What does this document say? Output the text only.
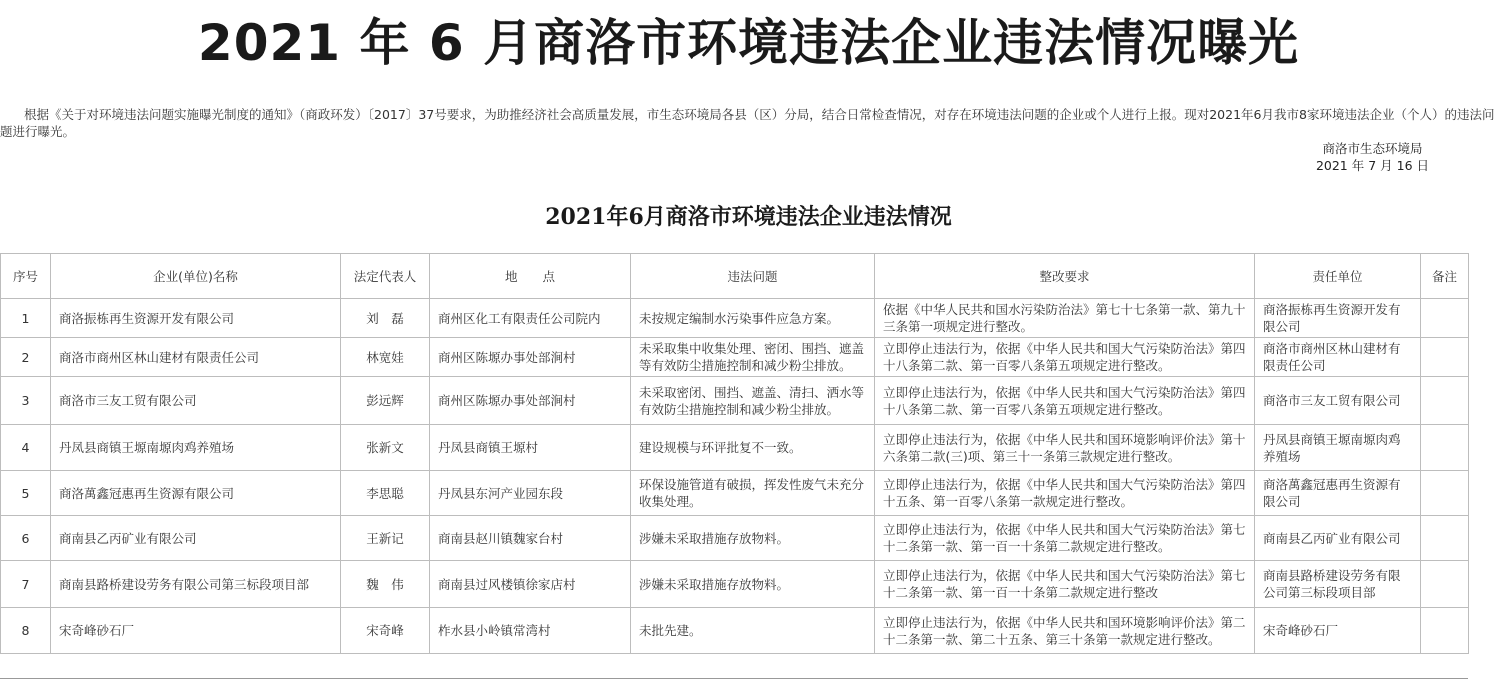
2021 年 6 月商洛市环境违法企业违法情况曝光
根据《关于对环境违法问题实施曝光制度的通知》（商政环发）〔2017〕37号要求，为助推经济社会高质量发展，市生态环境局各县（区）分局，结合日常检查情况，对存在环境违法问题的企业或个人进行上报。现对2021年6月我市8家环境违法企业（个人）的违法问题进行曝光。
商洛市生态环境局
2021 年 7 月 16 日
2021年6月商洛市环境违法企业违法情况
序号	企业(单位)名称	法定代表人	地　　点	违法问题	整改要求	责任单位	备注
1	商洛振栋再生资源开发有限公司	刘　磊	商州区化工有限责任公司院内	未按规定编制水污染事件应急方案。	依据《中华人民共和国水污染防治法》第七十七条第一款、第九十三条第一项规定进行整改。	商洛振栋再生资源开发有限公司	
2	商洛市商州区林山建材有限责任公司	林宽娃	商州区陈塬办事处部涧村	未采取集中收集处理、密闭、围挡、遮盖等有效防尘措施控制和减少粉尘排放。	立即停止违法行为，依据《中华人民共和国大气污染防治法》第四十八条第二款、第一百零八条第五项规定进行整改。	商洛市商州区林山建材有限责任公司	
3	商洛市三友工贸有限公司	彭远辉	商州区陈塬办事处部涧村	未采取密闭、围挡、遮盖、清扫、洒水等有效防尘措施控制和减少粉尘排放。	立即停止违法行为，依据《中华人民共和国大气污染防治法》第四十八条第二款、第一百零八条第五项规定进行整改。	商洛市三友工贸有限公司	
4	丹凤县商镇王塬南塬肉鸡养殖场	张新文	丹凤县商镇王塬村	建设规模与环评批复不一致。	立即停止违法行为，依据《中华人民共和国环境影响评价法》第十六条第二款(三)项、第三十一条第三款规定进行整改。	丹凤县商镇王塬南塬肉鸡养殖场	
5	商洛萬鑫冠惠再生资源有限公司	李思聪	丹凤县东河产业园东段	环保设施管道有破损，挥发性废气未充分收集处理。	立即停止违法行为，依据《中华人民共和国大气污染防治法》第四十五条、第一百零八条第一款规定进行整改。	商洛萬鑫冠惠再生资源有限公司	
6	商南县乙丙矿业有限公司	王新记	商南县赵川镇魏家台村	涉嫌未采取措施存放物料。	立即停止违法行为，依据《中华人民共和国大气污染防治法》第七十二条第一款、第一百一十条第二款规定进行整改。	商南县乙丙矿业有限公司	
7	商南县路桥建设劳务有限公司第三标段项目部	魏　伟	商南县过风楼镇徐家店村	涉嫌未采取措施存放物料。	立即停止违法行为，依据《中华人民共和国大气污染防治法》第七十二条第一款、第一百一十条第二款规定进行整改	商南县路桥建设劳务有限公司第三标段项目部	
8	宋奇峰砂石厂	宋奇峰	柞水县小岭镇常湾村	未批先建。	立即停止违法行为，依据《中华人民共和国环境影响评价法》第二十二条第一款、第二十五条、第三十条第一款规定进行整改。	宋奇峰砂石厂	
